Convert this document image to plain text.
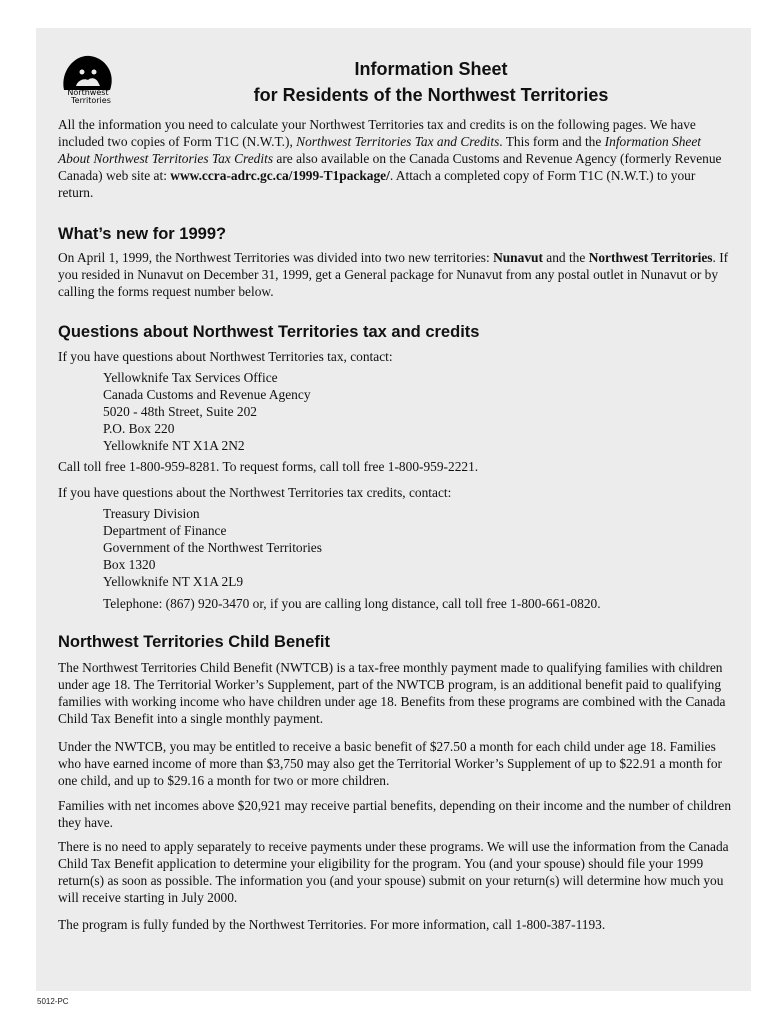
Northwest
Territories
Information Sheet
for Residents of the Northwest Territories

All the information you need to calculate your Northwest Territories tax and credits is on the following pages. We have included two copies of Form T1C (N.W.T.), Northwest Territories Tax and Credits. This form and the Information Sheet About Northwest Territories Tax Credits are also available on the Canada Customs and Revenue Agency (formerly Revenue Canada) web site at: www.ccra-adrc.gc.ca/1999-T1package/. Attach a completed copy of Form T1C (N.W.T.) to your return.

What’s new for 1999?

On April 1, 1999, the Northwest Territories was divided into two new territories: Nunavut and the Northwest Territories. If you resided in Nunavut on December 31, 1999, get a General package for Nunavut from any postal outlet in Nunavut or by calling the forms request number below.

Questions about Northwest Territories tax and credits

If you have questions about Northwest Territories tax, contact:

Yellowknife Tax Services Office
Canada Customs and Revenue Agency
5020 - 48th Street, Suite 202
P.O. Box 220
Yellowknife NT X1A 2N2

Call toll free 1-800-959-8281. To request forms, call toll free 1-800-959-2221.

If you have questions about the Northwest Territories tax credits, contact:

Treasury Division
Department of Finance
Government of the Northwest Territories
Box 1320
Yellowknife NT X1A 2L9
Telephone: (867) 920-3470 or, if you are calling long distance, call toll free 1-800-661-0820.
Northwest Territories Child Benefit

The Northwest Territories Child Benefit (NWTCB) is a tax-free monthly payment made to qualifying families with children under age 18. The Territorial Worker’s Supplement, part of the NWTCB program, is an additional benefit paid to qualifying families with working income who have children under age 18. Benefits from these programs are combined with the Canada Child Tax Benefit into a single monthly payment.

Under the NWTCB, you may be entitled to receive a basic benefit of $27.50 a month for each child under age 18. Families who have earned income of more than $3,750 may also get the Territorial Worker’s Supplement of up to $22.91 a month for one child, and up to $29.16 a month for two or more children.

Families with net incomes above $20,921 may receive partial benefits, depending on their income and the number of children they have.

There is no need to apply separately to receive payments under these programs. We will use the information from the Canada Child Tax Benefit application to determine your eligibility for the program. You (and your spouse) should file your 1999 return(s) as soon as possible. The information you (and your spouse) submit on your return(s) will determine how much you will receive starting in July 2000.

The program is fully funded by the Northwest Territories. For more information, call 1-800-387-1193.

5012-PC
